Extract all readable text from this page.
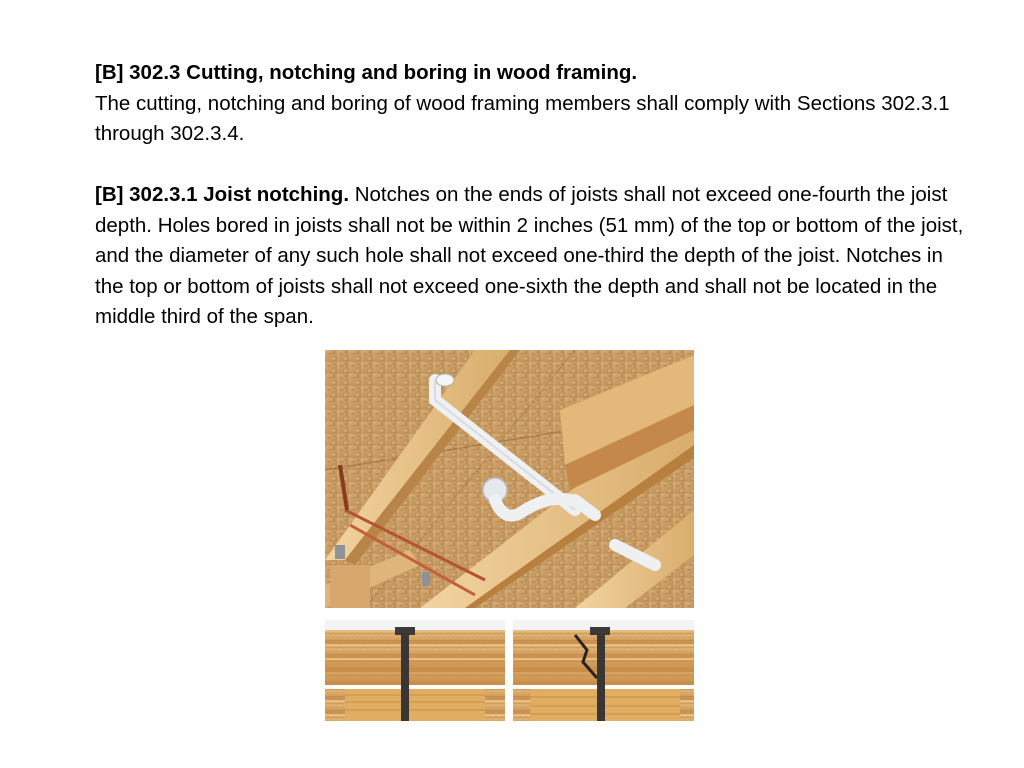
[B] 302.3 Cutting, notching and boring in wood framing.
The cutting, notching and boring of wood framing members shall comply with Sections 302.3.1 through 302.3.4.
[B] 302.3.1 Joist notching. Notches on the ends of joists shall not exceed one-fourth the joist depth. Holes bored in joists shall not be within 2 inches (51 mm) of the top or bottom of the joist, and the diameter of any such hole shall not exceed one-third the depth of the joist. Notches in the top or bottom of joists shall not exceed one-sixth the depth and shall not be located in the middle third of the span.
